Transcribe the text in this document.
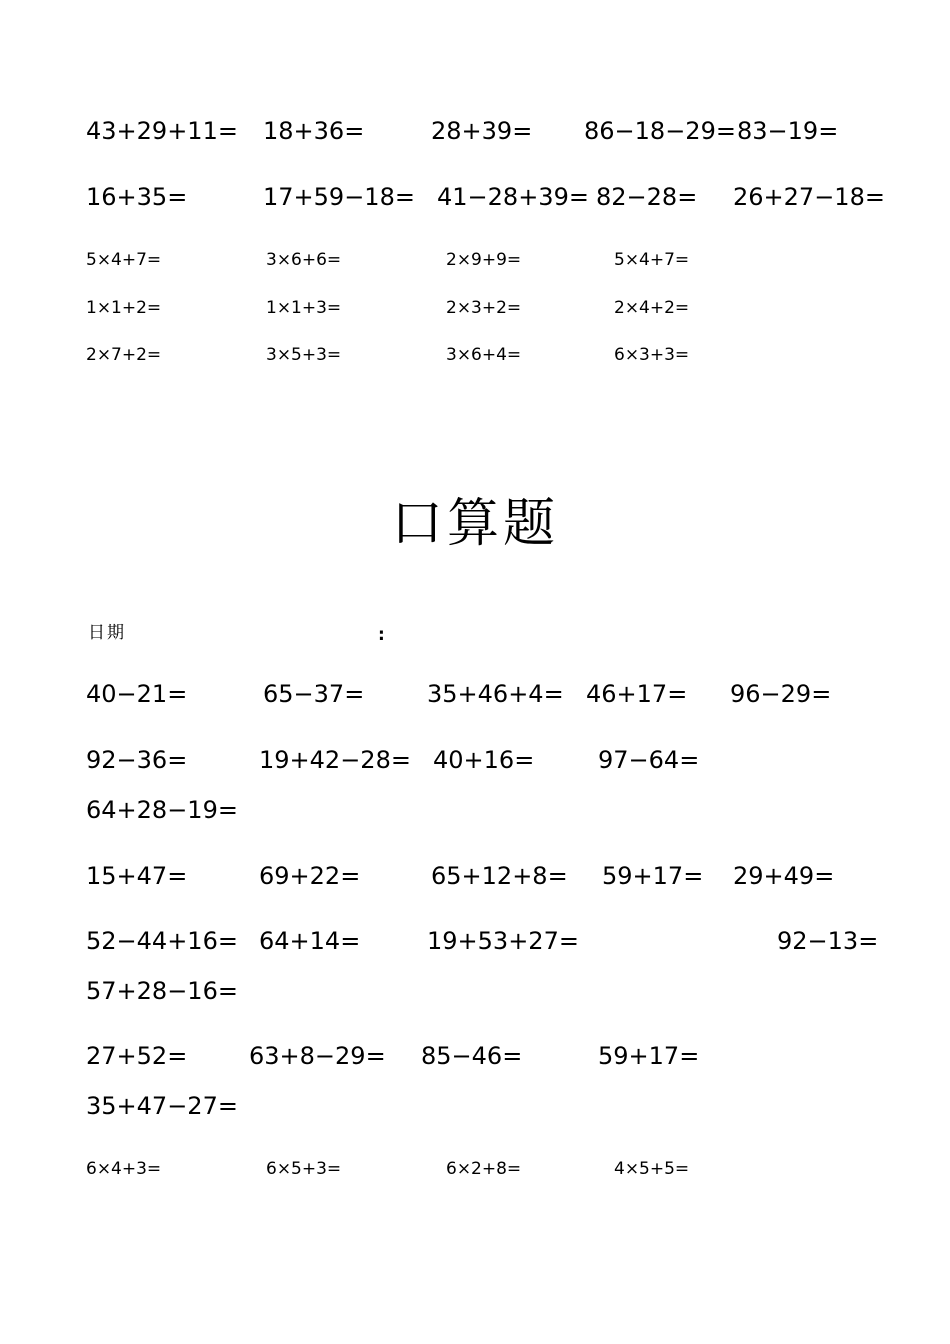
43+29+11= 18+36=	28+39= 86−18−29= 83−19=
16+35=	17+59−18= 41−28+39= 82−28= 26+27−18=
5×4+7=	3×6+6=	2×9+9=	5×4+7=
1×1+2=	1×1+3=	2×3+2=	2×4+2=
2×7+2=	3×5+3=	3×6+4=	6×3+3=
口算题
日期	:
40−21=	65−37=	35+46+4= 46+17= 96−29=
92−36=	19+42−28= 40+16=	97−64=
64+28−19=
15+47=	69+22=	65+12+8= 59+17= 29+49=
52−44+16= 64+14=	19+53+27=	92−13=
57+28−16=
27+52=	63+8−29= 85−46=	59+17=
35+47−27=
6×4+3=	6×5+3=	6×2+8=	4×5+5=
